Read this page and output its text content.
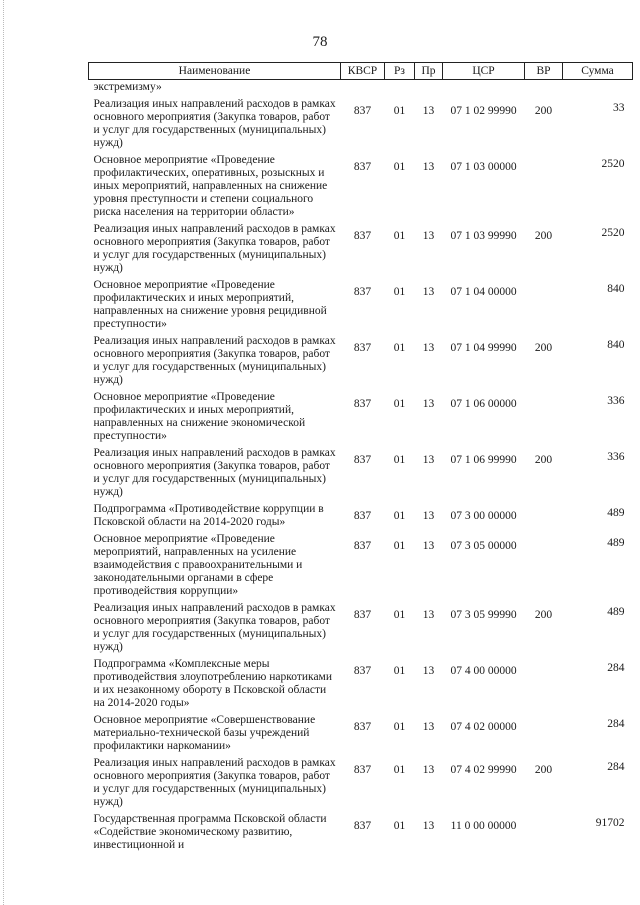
78
Наименование	КВСР	Рз	Пр	ЦСР	ВР	Сумма
экстремизму»						
Реализация иных направлений расходов в рамках основного мероприятия (Закупка товаров, работ и услуг для государственных (муниципальных) нужд)	837	01	13	07 1 02 99990	200	33
Основное мероприятие «Проведение профилактических, оперативных, розыскных и иных мероприятий, направленных на снижение уровня преступности и степени социального риска населения на территории области»	837	01	13	07 1 03 00000		2520
Реализация иных направлений расходов в рамках основного мероприятия (Закупка товаров, работ и услуг для государственных (муниципальных) нужд)	837	01	13	07 1 03 99990	200	2520
Основное мероприятие «Проведение профилактических и иных мероприятий, направленных на снижение уровня рецидивной преступности»	837	01	13	07 1 04 00000		840
Реализация иных направлений расходов в рамках основного мероприятия (Закупка товаров, работ и услуг для государственных (муниципальных) нужд)	837	01	13	07 1 04 99990	200	840
Основное мероприятие «Проведение профилактических и иных мероприятий, направленных на снижение экономической преступности»	837	01	13	07 1 06 00000		336
Реализация иных направлений расходов в рамках основного мероприятия (Закупка товаров, работ и услуг для государственных (муниципальных) нужд)	837	01	13	07 1 06 99990	200	336
Подпрограмма «Противодействие коррупции в Псковской области на 2014-2020 годы»	837	01	13	07 3 00 00000		489
Основное мероприятие «Проведение мероприятий, направленных на усиление взаимодействия с правоохранительными и законодательными органами в сфере противодействия коррупции»	837	01	13	07 3 05 00000		489
Реализация иных направлений расходов в рамках основного мероприятия (Закупка товаров, работ и услуг для государственных (муниципальных) нужд)	837	01	13	07 3 05 99990	200	489
Подпрограмма «Комплексные меры противодействия злоупотреблению наркотиками и их незаконному обороту в Псковской области на 2014-2020 годы»	837	01	13	07 4 00 00000		284
Основное мероприятие «Совершенствование материально-технической базы учреждений профилактики наркомании»	837	01	13	07 4 02 00000		284
Реализация иных направлений расходов в рамках основного мероприятия (Закупка товаров, работ и услуг для государственных (муниципальных) нужд)	837	01	13	07 4 02 99990	200	284
Государственная программа Псковской области «Содействие экономическому развитию, инвестиционной и	837	01	13	11 0 00 00000		91702
